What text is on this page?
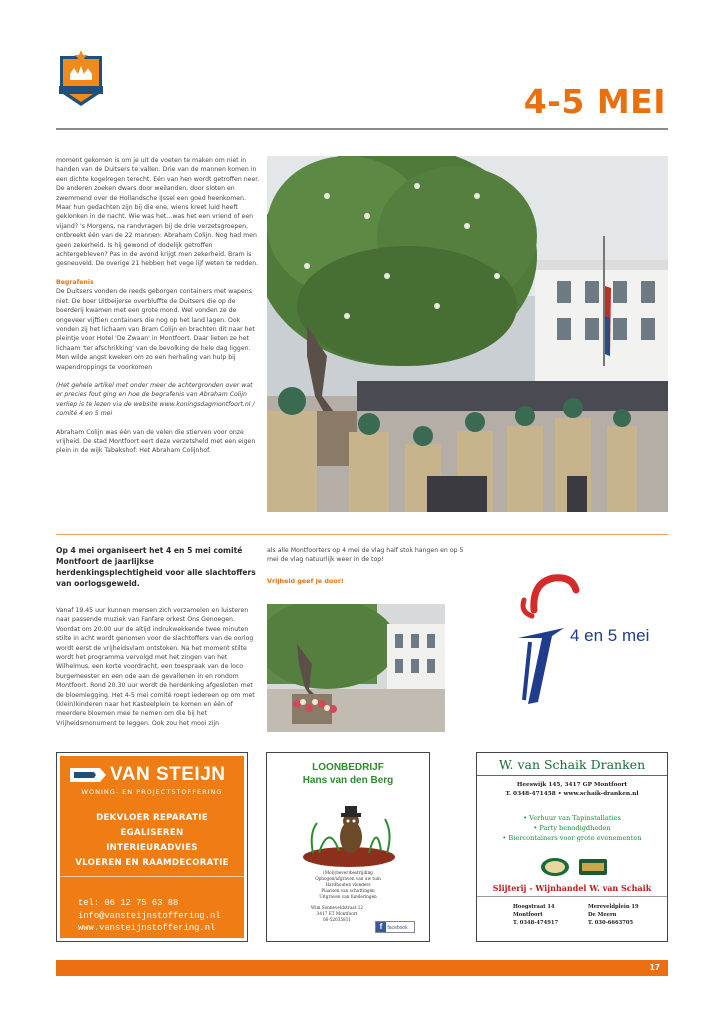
4-5 MEI

moment gekomen is om je uit de voeten te maken om niet in handen van de Duitsers te vallen. Drie van de mannen komen in een dichte kogelregen terecht. Eén van hen wordt getroffen neer. De anderen zoeken dwars door weilanden, door sloten en zwemmend over de Hollandsche IJssel een goed heenkomen. Maar hun gedachten zijn bij die ene, wiens kreet luid heeft geklonken in de nacht. Wie was het…was het een vriend of een vijand? 's Morgens, na randvragen bij de drie verzetsgroepen, ontbreekt één van de 22 mannen: Abraham Colijn. Nog had men geen zekerheid. Is hij gewond of dodelijk getroffen achtergebleven? Pas in de avond krijgt men zekerheid. Bram is gesneuveld. De overige 21 hebben het vege lijf weten te redden.

Begrafenis

De Duitsers vonden de reeds geborgen containers met wapens niet. De boer Uitbeijerse overbluffte de Duitsers die op de boerderij kwamen met een grote mond. Wel vonden ze de ongeveer vijftien containers die nog op het land lagen. Ook vonden zij het lichaam van Bram Colijn en brachten dit naar het pleintje voor Hotel 'De Zwaan' in Montfoort. Daar lieten ze het lichaam 'ter afschrikking' van de bevolking de hele dag liggen. Men wilde angst kweken om zo een herhaling van hulp bij wapendroppings te voorkomen

(Het gehele artikel met onder meer de achtergronden over wat er precies fout ging en hoe de begrafenis van Abraham Colijn verliep is te lezen via de website www.koningsdagmontfoort.nl / comité 4 en 5 mei

Abraham Colijn was één van de velen die stierven voor onze vrijheid. De stad Montfoort eert deze verzetsheld met een eigen plein in de wijk Tabakshof: Het Abraham Colijnhof.

Op 4 mei organiseert het 4 en 5 mei comité Montfoort de jaarlijkse herdenkingsplechtigheid voor alle slachtoffers van oorlogsgeweld.
Vanaf 19.45 uur kunnen mensen zich verzamelen en luisteren naar passende muziek van Fanfare orkest Ons Genoegen. Voordat om 20.00 uur de altijd indrukwekkende twee minuten stilte in acht wordt genomen voor de slachtoffers van de oorlog wordt eerst de vrijheidsvlam ontstoken. Na het moment stilte wordt het programma vervolgd met het zingen van het Wilhelmus, een korte voordracht, een toespraak van de loco burgemeester en een ode aan de gevallenen in en rondom Montfoort. Rond 20.30 uur wordt de herdenking afgesloten met de bloemlegging. Het 4-5 mei comité roept iedereen op om met (klein)kinderen naar het Kasteelplein te komen en één of meerdere bloemen mee te nemen om die bij het Vrijheidsmonument te leggen. Ook zou het mooi zijn

als alle Montfoorters op 4 mei de vlag half stok hangen en op 5 mei de vlag natuurlijk weer in de top!

Vrijheid geef je door!

4 en 5 mei
VAN STEIJN
WONING- EN PROJECTSTOFFERING
DEKVLOER REPARATIE
EGALISEREN
INTERIEURADVIES
VLOEREN EN RAAMDECORATIE
tel: 06 12 75 63 88
info@vansteijnstoffering.nl
www.vansteijnstoffering.nl
LOONBEDRIJF
Hans van den Berg
(Mol)(bever)bestrijding
Ophogen/afgraven van uw tuin
Hardhouten vlonders
Plaatsen van schuttingen
Uitgraven van funderingen
Wim Sonneveldstraat 12
3417 ET Montfoort
06-52035811
f facebook
W. van Schaik Dranken
Heeswijk 145, 3417 GP Montfoort
T. 0348-471458 • www.schaik-dranken.nl
• Verhuur van Tapinstallaties
• Party benodigdheden
• Biercontainers voor grote evenementen
Slijterij - Wijnhandel W. van Schaik
Hoogstraat 14
Montfoort
T. 0348-474917
Mereveldplein 19
De Meern
T. 030-6663705
17
